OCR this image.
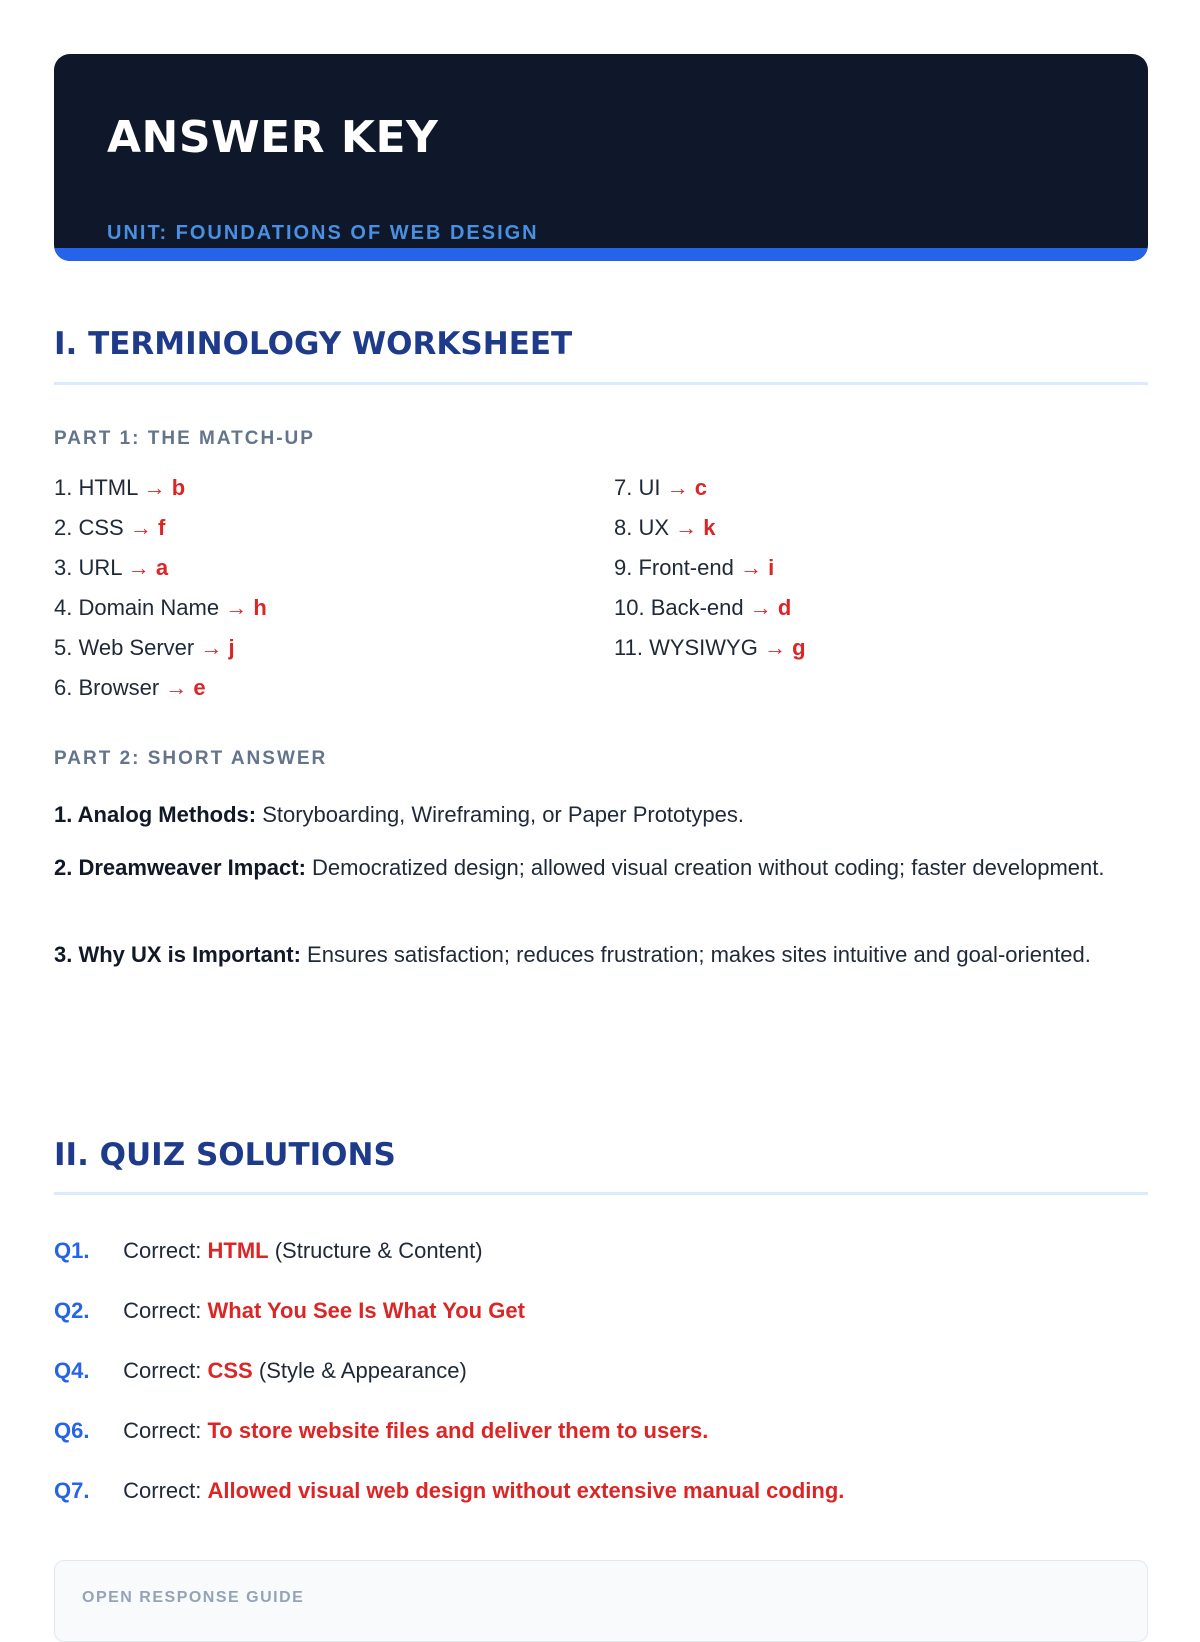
ANSWER KEY
UNIT: FOUNDATIONS OF WEB DESIGN
I. TERMINOLOGY WORKSHEET
PART 1: THE MATCH-UP
1. HTML → b
2. CSS → f
3. URL → a
4. Domain Name → h
5. Web Server → j
6. Browser → e
7. UI → c
8. UX → k
9. Front-end → i
10. Back-end → d
11. WYSIWYG → g
PART 2: SHORT ANSWER
1. Analog Methods: Storyboarding, Wireframing, or Paper Prototypes.
2. Dreamweaver Impact: Democratized design; allowed visual creation without coding; faster development.
3. Why UX is Important: Ensures satisfaction; reduces frustration; makes sites intuitive and goal-oriented.
II. QUIZ SOLUTIONS
Q1. Correct: HTML (Structure & Content)
Q2. Correct: What You See Is What You Get
Q4. Correct: CSS (Style & Appearance)
Q6. Correct: To store website files and deliver them to users.
Q7. Correct: Allowed visual web design without extensive manual coding.
OPEN RESPONSE GUIDE
